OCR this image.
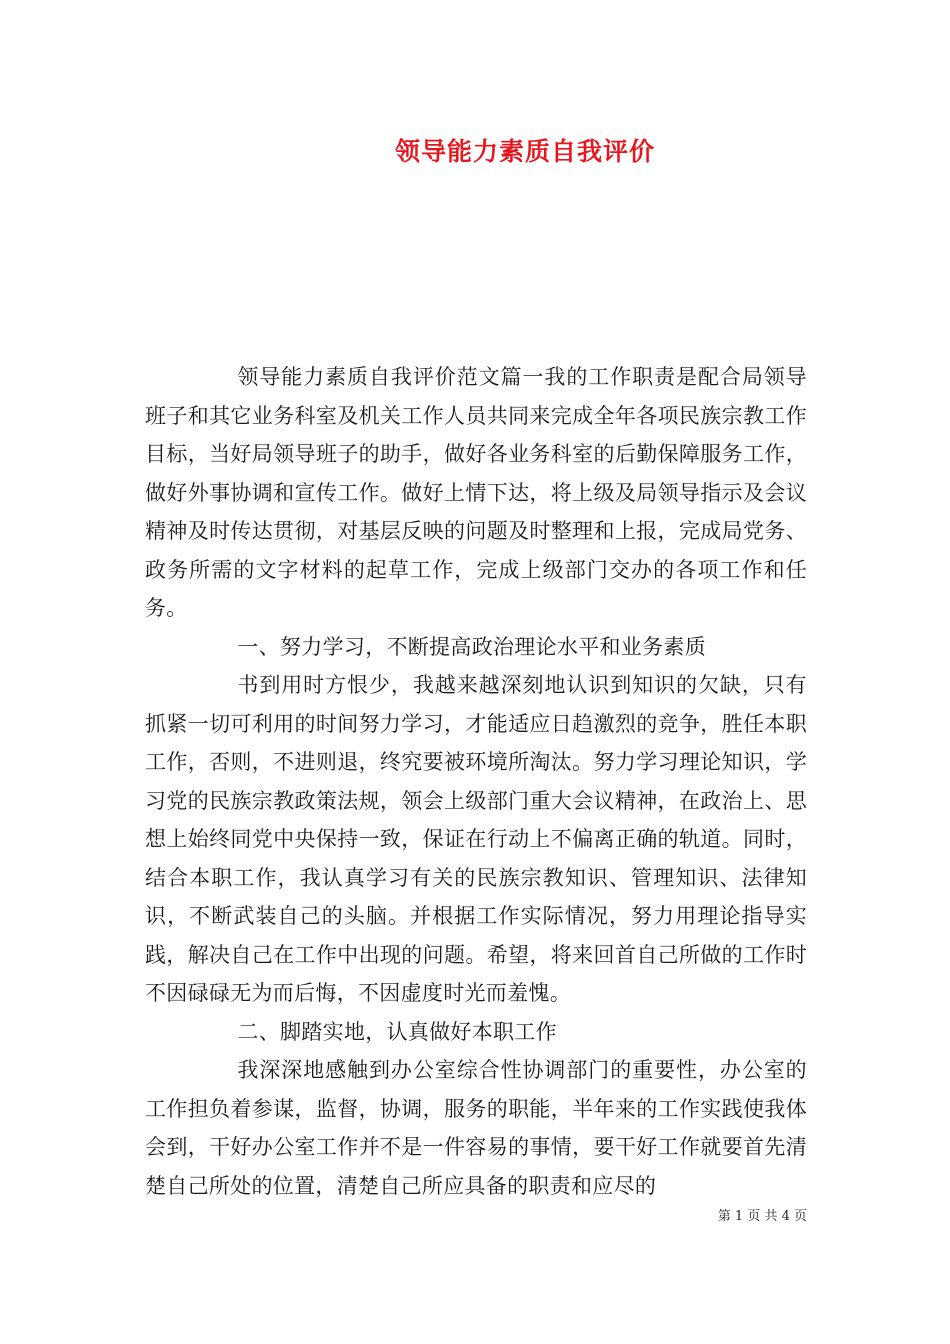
领导能力素质自我评价

领导能力素质自我评价范文篇一我的工作职责是配合局领导班子和其它业务科室及机关工作人员共同来完成全年各项民族宗教工作目标，当好局领导班子的助手，做好各业务科室的后勤保障服务工作，做好外事协调和宣传工作。做好上情下达，将上级及局领导指示及会议精神及时传达贯彻，对基层反映的问题及时整理和上报，完成局党务、政务所需的文字材料的起草工作，完成上级部门交办的各项工作和任务。

一、努力学习，不断提高政治理论水平和业务素质

书到用时方恨少，我越来越深刻地认识到知识的欠缺，只有抓紧一切可利用的时间努力学习，才能适应日趋激烈的竞争，胜任本职工作，否则，不进则退，终究要被环境所淘汰。努力学习理论知识，学习党的民族宗教政策法规，领会上级部门重大会议精神，在政治上、思想上始终同党中央保持一致，保证在行动上不偏离正确的轨道。同时，结合本职工作，我认真学习有关的民族宗教知识、管理知识、法律知识，不断武装自己的头脑。并根据工作实际情况，努力用理论指导实践，解决自己在工作中出现的问题。希望，将来回首自己所做的工作时不因碌碌无为而后悔，不因虚度时光而羞愧。

二、脚踏实地，认真做好本职工作

我深深地感触到办公室综合性协调部门的重要性，办公室的工作担负着参谋，监督，协调，服务的职能，半年来的工作实践使我体会到，干好办公室工作并不是一件容易的事情，要干好工作就要首先清楚自己所处的位置，清楚自己所应具备的职责和应尽的

第 1 页 共 4 页
